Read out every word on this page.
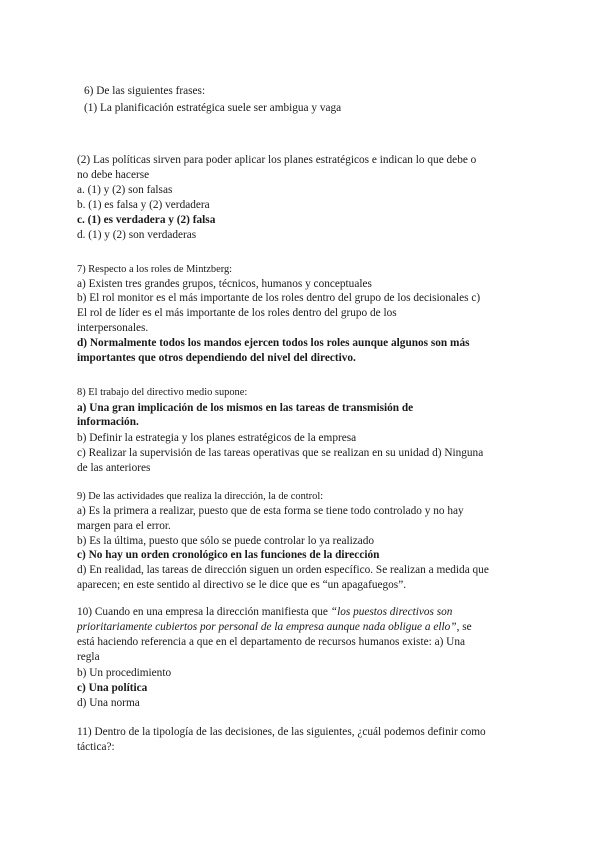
6) De las siguientes frases:

(1) La planificación estratégica suele ser ambigua y vaga

(2) Las políticas sirven para poder aplicar los planes estratégicos e indican lo que debe o

no debe hacerse

a. (1) y (2) son falsas

b. (1) es falsa y (2) verdadera

c. (1) es verdadera y (2) falsa

d. (1) y (2) son verdaderas

7) Respecto a los roles de Mintzberg:

a) Existen tres grandes grupos, técnicos, humanos y conceptuales

b) El rol monitor es el más importante de los roles dentro del grupo de los decisionales c)

El rol de líder es el más importante de los roles dentro del grupo de los

interpersonales.

d) Normalmente todos los mandos ejercen todos los roles aunque algunos son más

importantes que otros dependiendo del nivel del directivo.

8) El trabajo del directivo medio supone:

a) Una gran implicación de los mismos en las tareas de transmisión de

información.

b) Definir la estrategia y los planes estratégicos de la empresa

c) Realizar la supervisión de las tareas operativas que se realizan en su unidad d) Ninguna

de las anteriores

9) De las actividades que realiza la dirección, la de control:

a) Es la primera a realizar, puesto que de esta forma se tiene todo controlado y no hay

margen para el error.

b) Es la última, puesto que sólo se puede controlar lo ya realizado

c) No hay un orden cronológico en las funciones de la dirección

d) En realidad, las tareas de dirección siguen un orden específico. Se realizan a medida que

aparecen; en este sentido al directivo se le dice que es “un apagafuegos”.

10) Cuando en una empresa la dirección manifiesta que “los puestos directivos son

prioritariamente cubiertos por personal de la empresa aunque nada obligue a ello”, se

está haciendo referencia a que en el departamento de recursos humanos existe: a) Una

regla

b) Un procedimiento

c) Una política

d) Una norma

11) Dentro de la tipología de las decisiones, de las siguientes, ¿cuál podemos definir como

táctica?:
